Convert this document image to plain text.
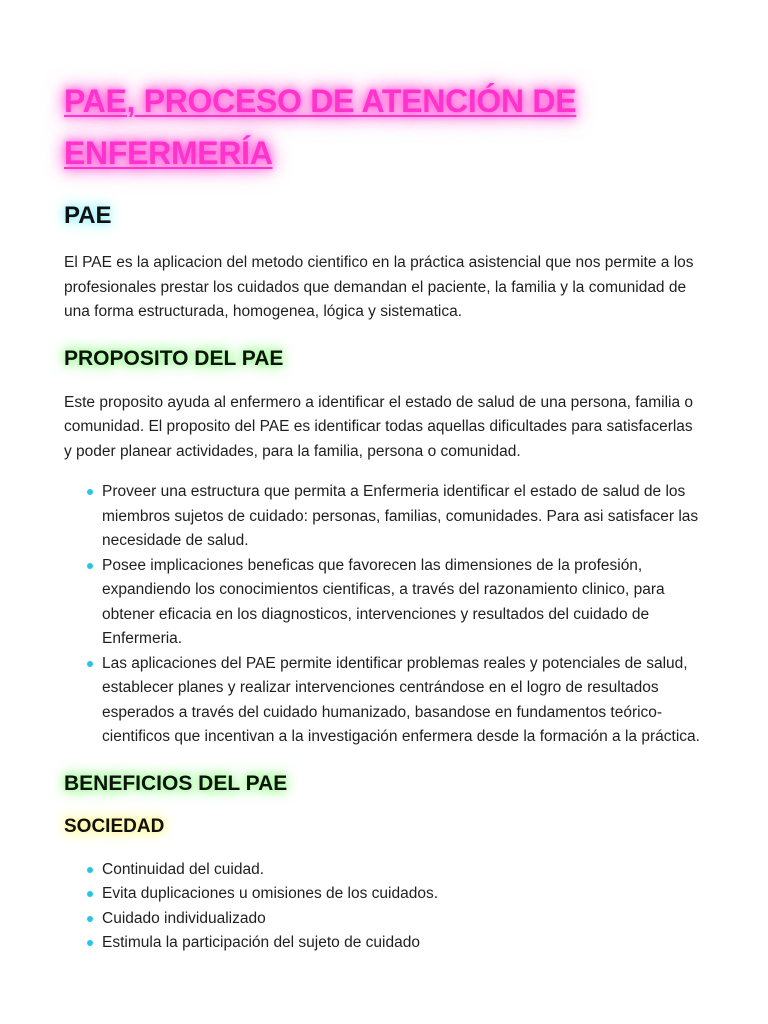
PAE, PROCESO DE ATENCIÓN DE ENFERMERÍA
PAE

El PAE es la aplicacion del metodo cientifico en la práctica asistencial que nos permite a los profesionales prestar los cuidados que demandan el paciente, la familia y la comunidad de una forma estructurada, homogenea, lógica y sistematica.

PROPOSITO DEL PAE

Este proposito ayuda al enfermero a identificar el estado de salud de una persona, familia o comunidad. El proposito del PAE es identificar todas aquellas dificultades para satisfacerlas y poder planear actividades, para la familia, persona o comunidad.

Proveer una estructura que permita a Enfermeria identificar el estado de salud de los miembros sujetos de cuidado: personas, familias, comunidades. Para asi satisfacer las necesidade de salud.
Posee implicaciones beneficas que favorecen las dimensiones de la profesión, expandiendo los conocimientos cientificas, a través del razonamiento clinico, para obtener eficacia en los diagnosticos, intervenciones y resultados del cuidado de Enfermeria.
Las aplicaciones del PAE permite identificar problemas reales y potenciales de salud, establecer planes y realizar intervenciones centrándose en el logro de resultados esperados a través del cuidado humanizado, basandose en fundamentos teórico-cientificos que incentivan a la investigación enfermera desde la formación a la práctica.
BENEFICIOS DEL PAE
SOCIEDAD
Continuidad del cuidad.
Evita duplicaciones u omisiones de los cuidados.
Cuidado individualizado
Estimula la participación del sujeto de cuidado
